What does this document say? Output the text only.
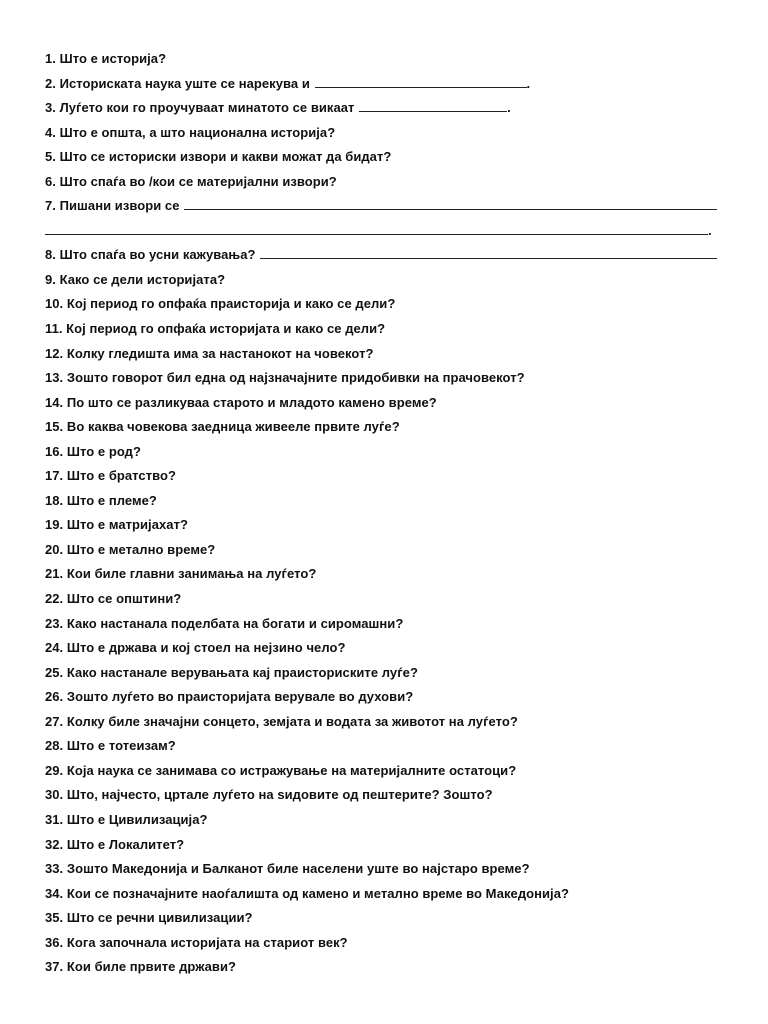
1. Што е историја?
2. Историската наука уште се нарекува и	.
3. Луѓето кои го проучуваат минатото се викаат	.
4. Што е општа, а што национална историја?
5. Што се историски извори и какви можат да бидат?
6. Што спаѓа во /кои се материјални извори?
7. Пишани извори се
.
8. Што спаѓа во усни кажувања?
9. Како се дели историјата?
10. Кој период го опфаќа праисторија и како се дели?
11. Кој период го опфаќа историјата и како се дели?
12. Колку гледишта има за настанокот на човекот?
13. Зошто говорот бил една од најзначајните придобивки на прачовекот?
14. По што се разликуваа старото и младото камено време?
15. Во каква човекова заедница живееле првите луѓе?
16. Што е род?
17. Што е братство?
18. Што е племе?
19. Што е матријахат?
20. Што е метално време?
21. Кои биле главни занимања на луѓето?
22. Што се општини?
23. Како настанала поделбата на богати и сиромашни?
24. Што е држава и кој стоел на нејзино чело?
25. Како настанале верувањата кај праисториските луѓе?
26. Зошто луѓето во праисторијата верувале во духови?
27. Колку биле значајни сонцето, земјата и водата за животот на луѓето?
28. Што е тотеизам?
29. Која наука се занимава со истражување на материјалните остатоци?
30. Што, најчесто, цртале луѓето на ѕидовите од пештерите? Зошто?
31. Што е Цивилизација?
32. Што е Локалитет?
33. Зошто Македонија и Балканот биле населени уште во најстаро време?
34. Кои се позначајните наоѓалишта од камено и метално време во Македонија?
35. Што се речни цивилизации?
36. Кога започнала историјата на стариот век?
37. Кои биле првите држави?
